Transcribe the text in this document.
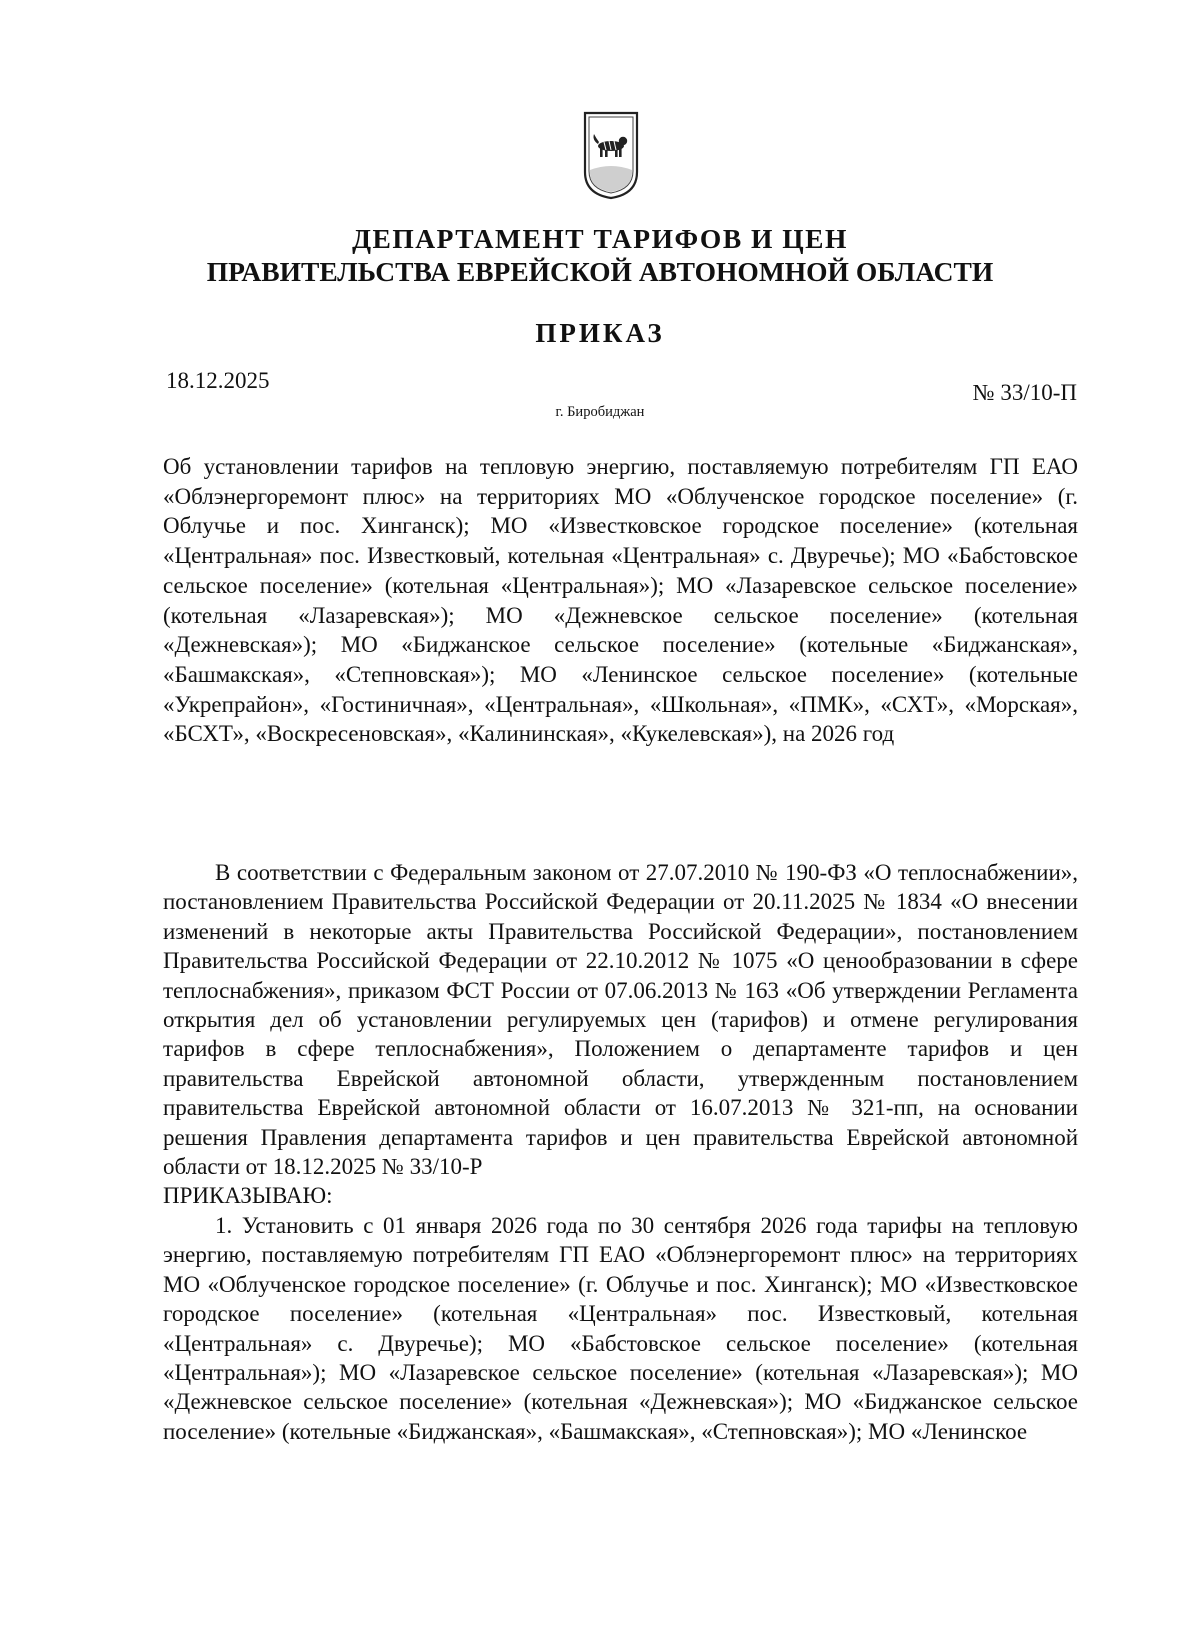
ДЕПАРТАМЕНТ ТАРИФОВ И ЦЕН
ПРАВИТЕЛЬСТВА ЕВРЕЙСКОЙ АВТОНОМНОЙ ОБЛАСТИ
ПРИКАЗ
18.12.2025	№ 33/10-П
г. Биробиджан
Об установлении тарифов на тепловую энергию, поставляемую потребителям ГП ЕАО «Облэнергоремонт плюс» на территориях МО «Облученское городское поселение» (г. Облучье и пос. Хинганск); МО «Известковское городское поселение» (котельная «Центральная» пос. Известковый, котельная «Центральная» с. Двуречье); МО «Бабстовское сельское поселение» (котельная «Центральная»); МО «Лазаревское сельское поселение» (котельная «Лазаревская»); МО «Дежневское сельское поселение» (котельная «Дежневская»); МО «Биджанское сельское поселение» (котельные «Биджанская», «Башмакская», «Степновская»); МО «Ленинское сельское поселение» (котельные «Укрепрайон», «Гостиничная», «Центральная», «Школьная», «ПМК», «СХТ», «Морская», «БСХТ», «Воскресеновская», «Калининская», «Кукелевская»), на 2026 год

В соответствии с Федеральным законом от 27.07.2010 № 190-ФЗ «О теплоснабжении», постановлением Правительства Российской Федерации от 20.11.2025 № 1834 «О внесении изменений в некоторые акты Правительства Российской Федерации», постановлением Правительства Российской Федерации от 22.10.2012 № 1075 «О ценообразовании в сфере теплоснабжения», приказом ФСТ России от 07.06.2013 № 163 «Об утверждении Регламента открытия дел об установлении регулируемых цен (тарифов) и отмене регулирования тарифов в сфере теплоснабжения», Положением о департаменте тарифов и цен правительства Еврейской автономной области, утвержденным постановлением правительства Еврейской автономной области от 16.07.2013 № 321-пп, на основании решения Правления департамента тарифов и цен правительства Еврейской автономной области от 18.12.2025 № 33/10-Р

ПРИКАЗЫВАЮ:

1. Установить с 01 января 2026 года по 30 сентября 2026 года тарифы на тепловую энергию, поставляемую потребителям ГП ЕАО «Облэнергоремонт плюс» на территориях МО «Облученское городское поселение» (г. Облучье и пос. Хинганск); МО «Известковское городское поселение» (котельная «Центральная» пос. Известковый, котельная «Центральная» с. Двуречье); МО «Бабстовское сельское поселение» (котельная «Центральная»); МО «Лазаревское сельское поселение» (котельная «Лазаревская»); МО «Дежневское сельское поселение» (котельная «Дежневская»); МО «Биджанское сельское поселение» (котельные «Биджанская», «Башмакская», «Степновская»); МО «Ленинское
